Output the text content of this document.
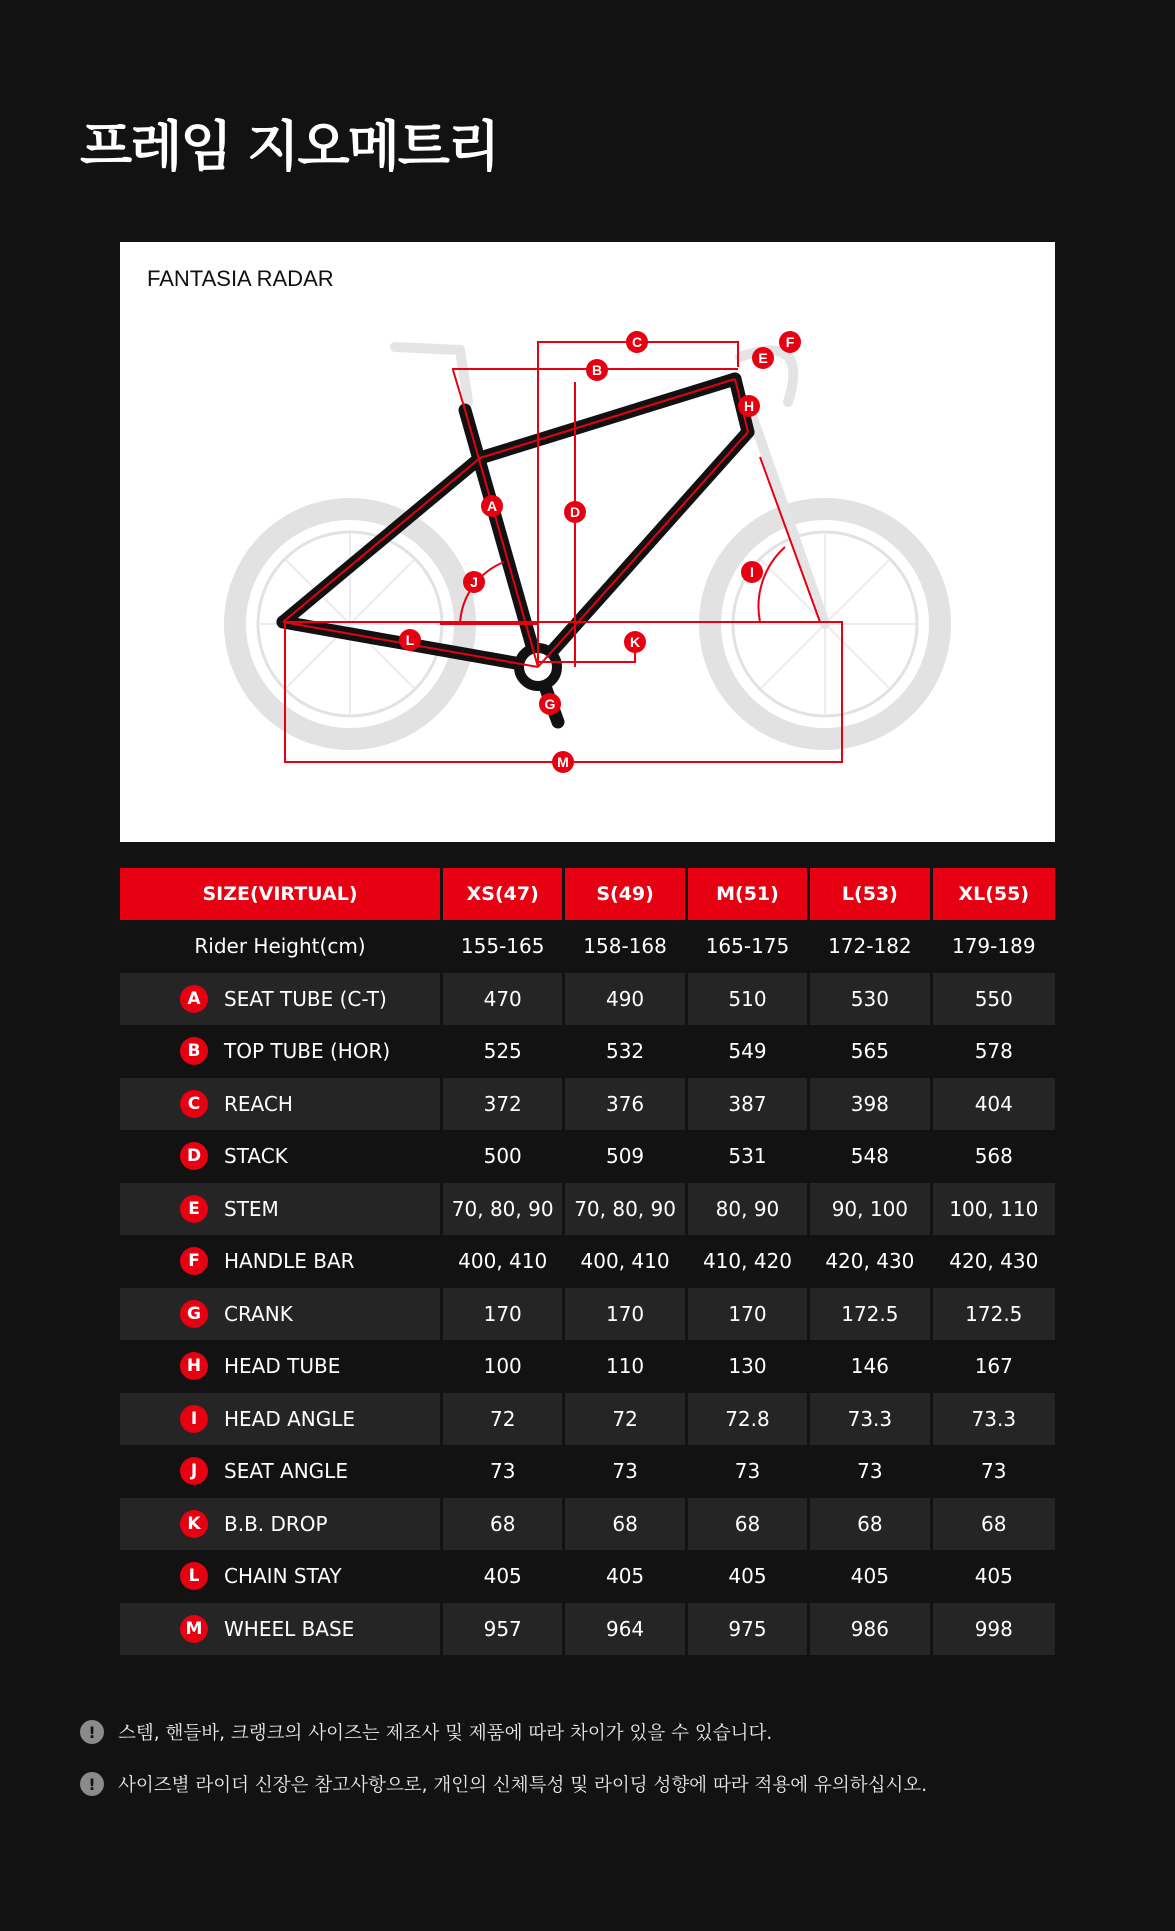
프레임 지오메트리
A
B
C
D
E
F
G
H
I
J
K
L
M
FANTASIA RADAR
SIZE(VIRTUAL)	XS(47)	S(49)	M(51)	L(53)	XL(55)
Rider Height(cm)	155-165	158-168	165-175	172-182	179-189

A SEAT TUBE (C-T)	470	490	510	530	550

B TOP TUBE (HOR)	525	532	549	565	578

C REACH	372	376	387	398	404

D STACK	500	509	531	548	568

E STEM	70, 80, 90	70, 80, 90	80, 90	90, 100	100, 110

F HANDLE BAR	400, 410	400, 410	410, 420	420, 430	420, 430

G CRANK	170	170	170	172.5	172.5

H HEAD TUBE	100	110	130	146	167

I HEAD ANGLE	72	72	72.8	73.3	73.3

J SEAT ANGLE	73	73	73	73	73

K B.B. DROP	68	68	68	68	68

L CHAIN STAY	405	405	405	405	405

M WHEEL BASE	957	964	975	986	998
!	스템, 핸들바, 크랭크의 사이즈는 제조사 및 제품에 따라 차이가 있을 수 있습니다.
!	사이즈별 라이더 신장은 참고사항으로, 개인의 신체특성 및 라이딩 성향에 따라 적용에 유의하십시오.
